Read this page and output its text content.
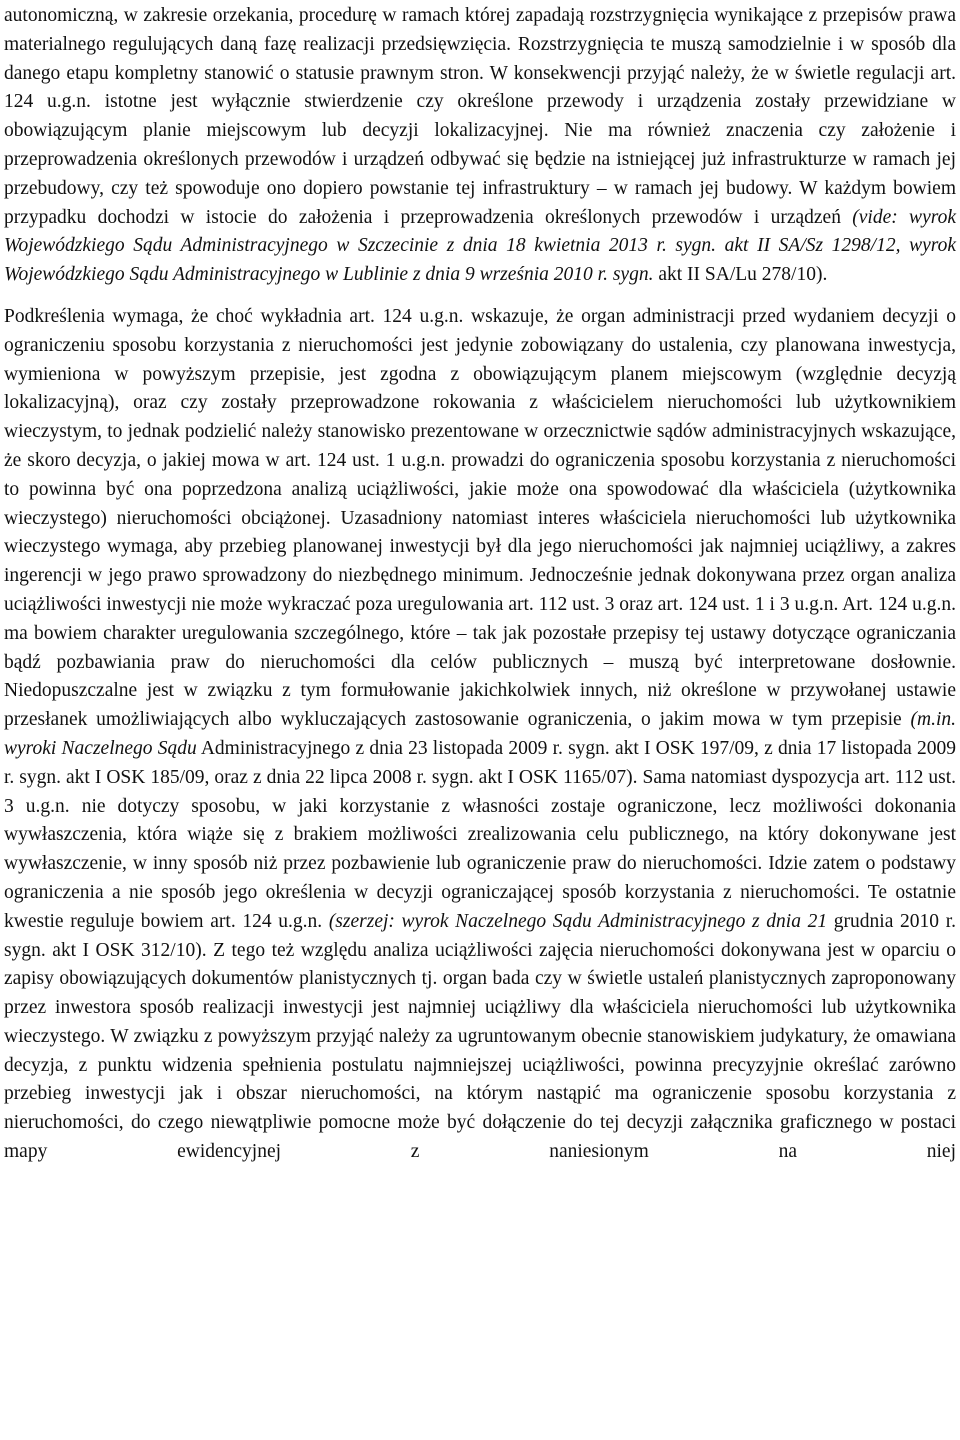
autonomiczną, w zakresie orzekania, procedurę w ramach której zapadają rozstrzygnięcia wynikające z przepisów prawa materialnego regulujących daną fazę realizacji przedsięwzięcia. Rozstrzygnięcia te muszą samodzielnie i w sposób dla danego etapu kompletny stanowić o statusie prawnym stron. W konsekwencji przyjąć należy, że w świetle regulacji art. 124 u.g.n. istotne jest wyłącznie stwierdzenie czy określone przewody i urządzenia zostały przewidziane w obowiązującym planie miejscowym lub decyzji lokalizacyjnej. Nie ma również znaczenia czy założenie i przeprowadzenia określonych przewodów i urządzeń odbywać się będzie na istniejącej już infrastrukturze w ramach jej przebudowy, czy też spowoduje ono dopiero powstanie tej infrastruktury – w ramach jej budowy. W każdym bowiem przypadku dochodzi w istocie do założenia i przeprowadzenia określonych przewodów i urządzeń (vide: wyrok Wojewódzkiego Sądu Administracyjnego w Szczecinie z dnia 18 kwietnia 2013 r. sygn. akt II SA/Sz 1298/12, wyrok Wojewódzkiego Sądu Administracyjnego w Lublinie z dnia 9 września 2010 r. sygn. akt II SA/Lu 278/10).

Podkreślenia wymaga, że choć wykładnia art. 124 u.g.n. wskazuje, że organ administracji przed wydaniem decyzji o ograniczeniu sposobu korzystania z nieruchomości jest jedynie zobowiązany do ustalenia, czy planowana inwestycja, wymieniona w powyższym przepisie, jest zgodna z obowiązującym planem miejscowym (względnie decyzją lokalizacyjną), oraz czy zostały przeprowadzone rokowania z właścicielem nieruchomości lub użytkownikiem wieczystym, to jednak podzielić należy stanowisko prezentowane w orzecznictwie sądów administracyjnych wskazujące, że skoro decyzja, o jakiej mowa w art. 124 ust. 1 u.g.n. prowadzi do ograniczenia sposobu korzystania z nieruchomości to powinna być ona poprzedzona analizą uciążliwości, jakie może ona spowodować dla właściciela (użytkownika wieczystego) nieruchomości obciążonej. Uzasadniony natomiast interes właściciela nieruchomości lub użytkownika wieczystego wymaga, aby przebieg planowanej inwestycji był dla jego nieruchomości jak najmniej uciążliwy, a zakres ingerencji w jego prawo sprowadzony do niezbędnego minimum. Jednocześnie jednak dokonywana przez organ analiza uciążliwości inwestycji nie może wykraczać poza uregulowania art. 112 ust. 3 oraz art. 124 ust. 1 i 3 u.g.n. Art. 124 u.g.n. ma bowiem charakter uregulowania szczególnego, które – tak jak pozostałe przepisy tej ustawy dotyczące ograniczania bądź pozbawiania praw do nieruchomości dla celów publicznych – muszą być interpretowane dosłownie. Niedopuszczalne jest w związku z tym formułowanie jakichkolwiek innych, niż określone w przywołanej ustawie przesłanek umożliwiających albo wykluczających zastosowanie ograniczenia, o jakim mowa w tym przepisie (m.in. wyroki Naczelnego Sądu Administracyjnego z dnia 23 listopada 2009 r. sygn. akt I OSK 197/09, z dnia 17 listopada 2009 r. sygn. akt I OSK 185/09, oraz z dnia 22 lipca 2008 r. sygn. akt I OSK 1165/07). Sama natomiast dyspozycja art. 112 ust. 3 u.g.n. nie dotyczy sposobu, w jaki korzystanie z własności zostaje ograniczone, lecz możliwości dokonania wywłaszczenia, która wiąże się z brakiem możliwości zrealizowania celu publicznego, na który dokonywane jest wywłaszczenie, w inny sposób niż przez pozbawienie lub ograniczenie praw do nieruchomości. Idzie zatem o podstawy ograniczenia a nie sposób jego określenia w decyzji ograniczającej sposób korzystania z nieruchomości. Te ostatnie kwestie reguluje bowiem art. 124 u.g.n. (szerzej: wyrok Naczelnego Sądu Administracyjnego z dnia 21 grudnia 2010 r. sygn. akt I OSK 312/10). Z tego też względu analiza uciążliwości zajęcia nieruchomości dokonywana jest w oparciu o zapisy obowiązujących dokumentów planistycznych tj. organ bada czy w świetle ustaleń planistycznych zaproponowany przez inwestora sposób realizacji inwestycji jest najmniej uciążliwy dla właściciela nieruchomości lub użytkownika wieczystego. W związku z powyższym przyjąć należy za ugruntowanym obecnie stanowiskiem judykatury, że omawiana decyzja, z punktu widzenia spełnienia postulatu najmniejszej uciążliwości, powinna precyzyjnie określać zarówno przebieg inwestycji jak i obszar nieruchomości, na którym nastąpić ma ograniczenie sposobu korzystania z nieruchomości, do czego niewątpliwie pomocne może być dołączenie do tej decyzji załącznika graficznego w postaci mapy ewidencyjnej z naniesionym na niej
